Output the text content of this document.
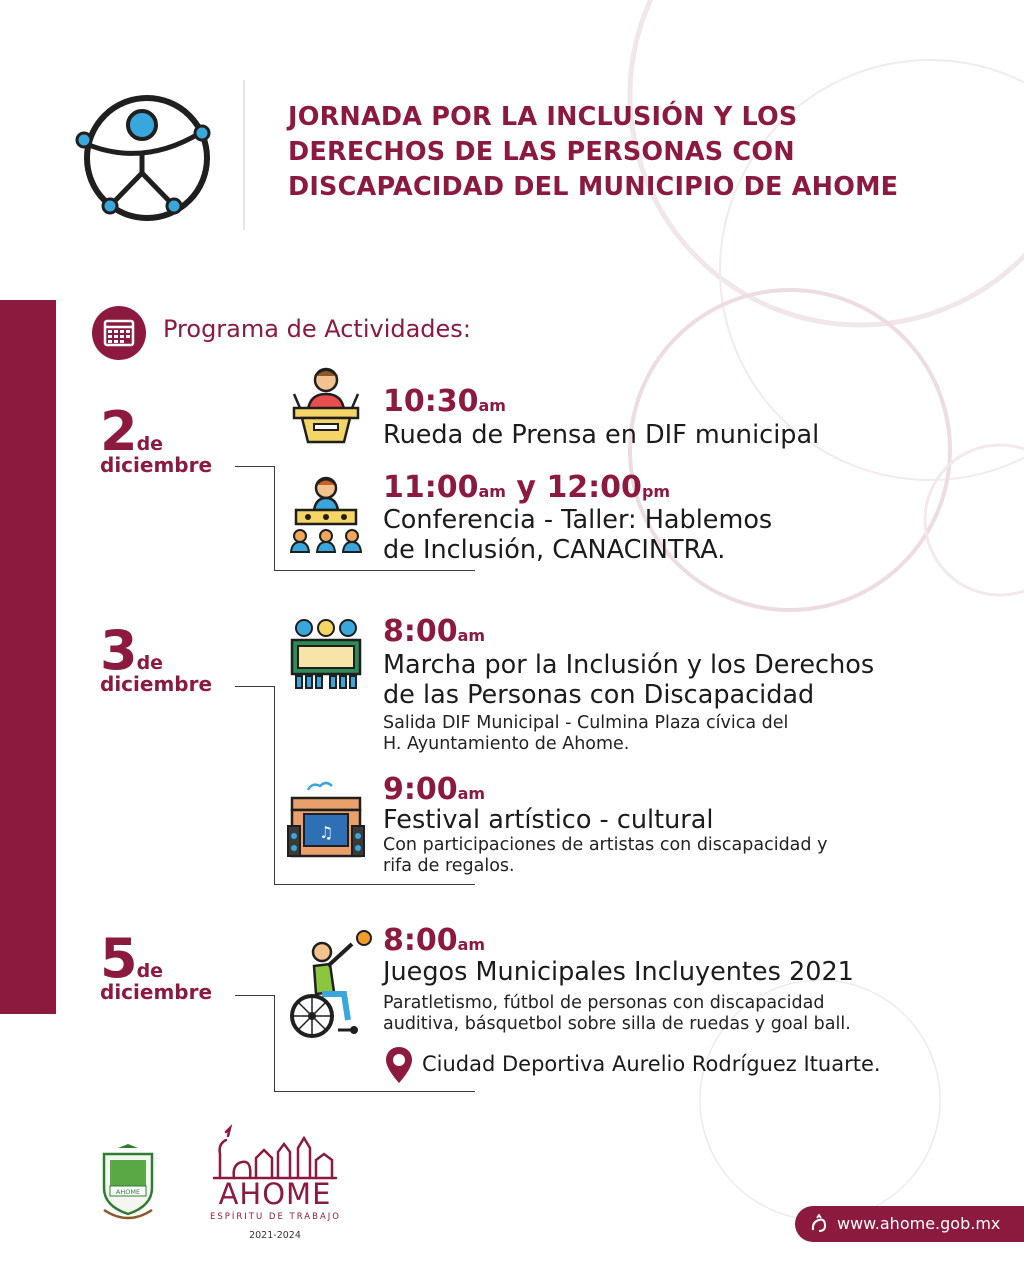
JORNADA POR LA INCLUSIÓN Y LOS
DERECHOS DE LAS PERSONAS CON
DISCAPACIDAD DEL MUNICIPIO DE AHOME
Programa de Actividades:
2de
diciembre
10:30am
Rueda de Prensa en DIF municipal
11:00am y 12:00pm
Conferencia - Taller: Hablemos
de Inclusión, CANACINTRA.
3de
diciembre
8:00am
Marcha por la Inclusión y los Derechos
de las Personas con Discapacidad
Salida DIF Municipal - Culmina Plaza cívica del
H. Ayuntamiento de Ahome.
♫
9:00am
Festival artístico - cultural
Con participaciones de artistas con discapacidad y
rifa de regalos.
5de
diciembre
8:00am
Juegos Municipales Incluyentes 2021
Paratletismo, fútbol de personas con discapacidad
auditiva, básquetbol sobre silla de ruedas y goal ball.
Ciudad Deportiva Aurelio Rodríguez Ituarte.
AHOME	AHOME
ESPÍRITU DE TRABAJO
2021-2024
www.ahome.gob.mx
